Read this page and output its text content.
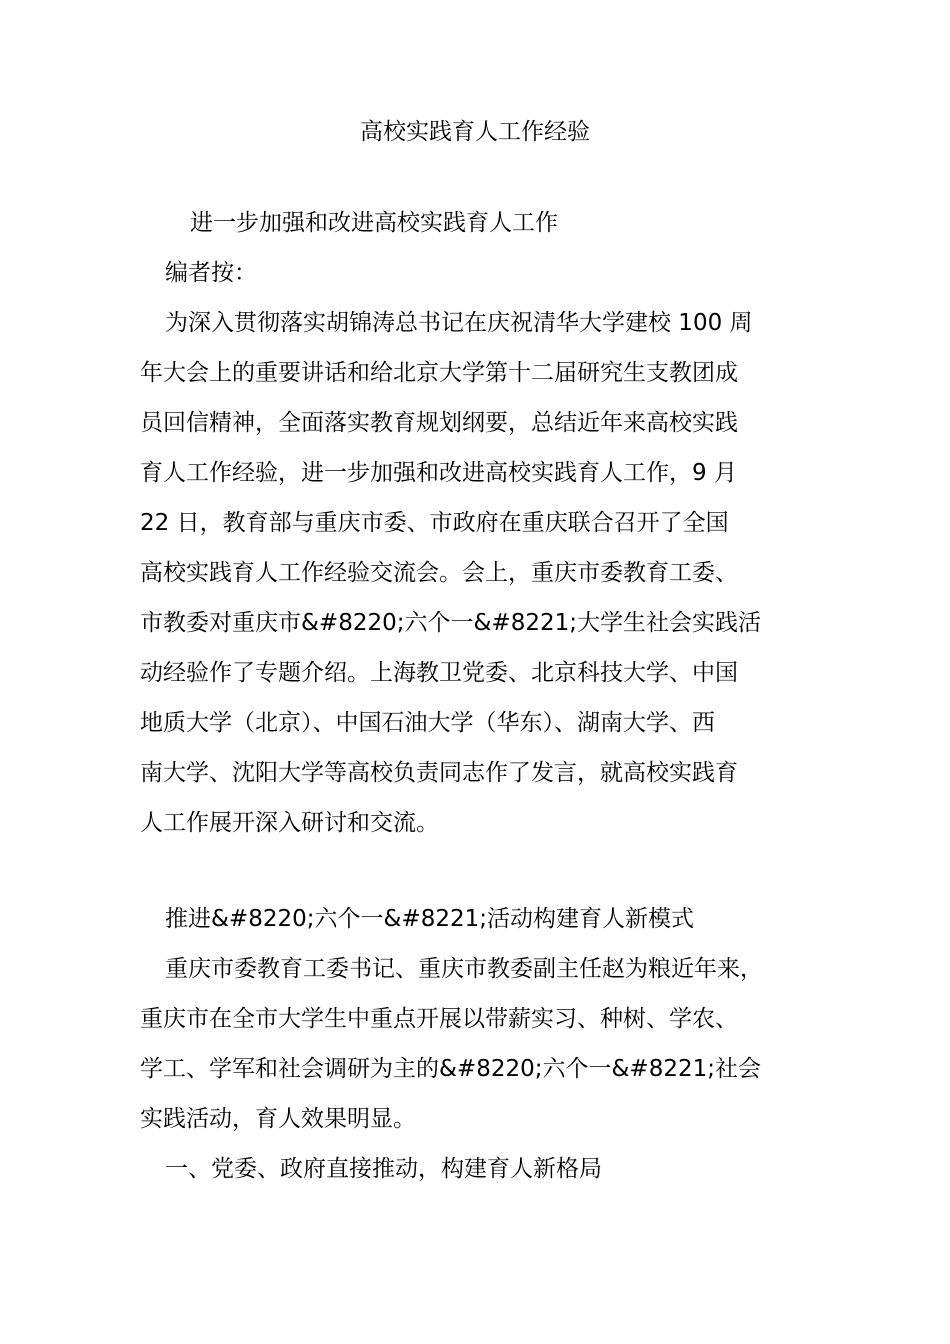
高校实践育人工作经验
进一步加强和改进高校实践育人工作

编者按：

为深入贯彻落实胡锦涛总书记在庆祝清华大学建校 100 周

年大会上的重要讲话和给北京大学第十二届研究生支教团成

员回信精神，全面落实教育规划纲要，总结近年来高校实践

育人工作经验，进一步加强和改进高校实践育人工作，9 月

22 日，教育部与重庆市委、市政府在重庆联合召开了全国

高校实践育人工作经验交流会。会上，重庆市委教育工委、

市教委对重庆市&#8220;六个一&#8221;大学生社会实践活

动经验作了专题介绍。上海教卫党委、北京科技大学、中国

地质大学（北京）、中国石油大学（华东）、湖南大学、西

南大学、沈阳大学等高校负责同志作了发言，就高校实践育

人工作展开深入研讨和交流。

推进&#8220;六个一&#8221;活动构建育人新模式

重庆市委教育工委书记、重庆市教委副主任赵为粮近年来，

重庆市在全市大学生中重点开展以带薪实习、种树、学农、

学工、学军和社会调研为主的&#8220;六个一&#8221;社会

实践活动，育人效果明显。

一、党委、政府直接推动，构建育人新格局
